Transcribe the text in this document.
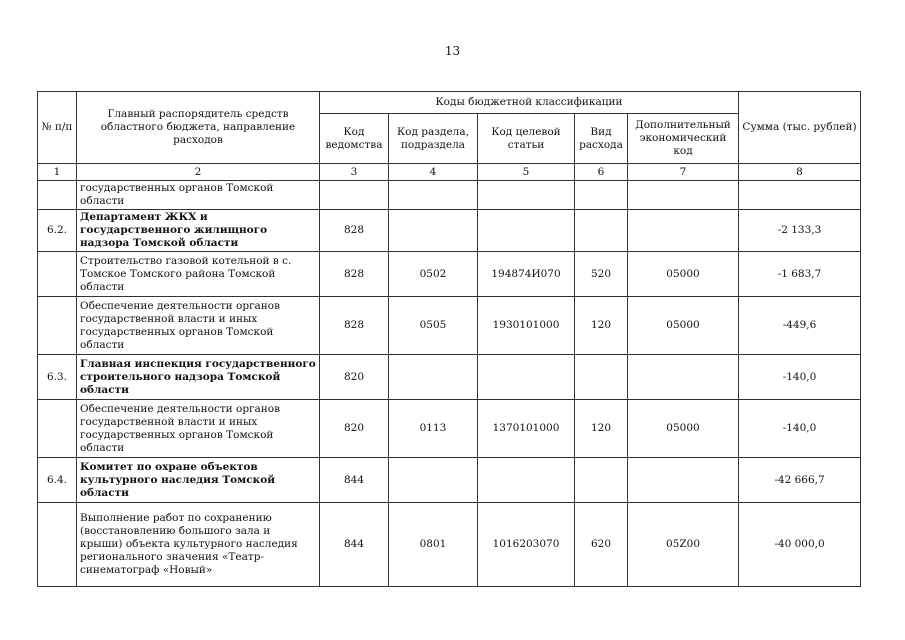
13
№ п/п	Главный распорядитель средств областного бюджета, направление расходов	Коды бюджетной классификации					Сумма (тыс. рублей)
		Код ведомства	Код раздела, подраздела	Код целевой статьи	Вид расхода	Дополнительный экономический код	
1	2	3	4	5	6	7	8
	государственных органов Томской области						
6.2.	Департамент ЖКХ и государственного жилищного надзора Томской области	828					-2 133,3
	Строительство газовой котельной в с. Томское Томского района Томской области	828	0502	194874И070	520	05000	-1 683,7
	Обеспечение деятельности органов государственной власти и иных государственных органов Томской области	828	0505	1930101000	120	05000	-449,6
6.3.	Главная инспекция государственного строительного надзора Томской области	820					-140,0
	Обеспечение деятельности органов государственной власти и иных государственных органов Томской области	820	0113	1370101000	120	05000	-140,0
6.4.	Комитет по охране объектов культурного наследия Томской области	844					-42 666,7
	Выполнение работ по сохранению (восстановлению большого зала и крыши) объекта культурного наследия регионального значения «Театр-синематограф «Новый»	844	0801	1016203070	620	05Z00	-40 000,0
